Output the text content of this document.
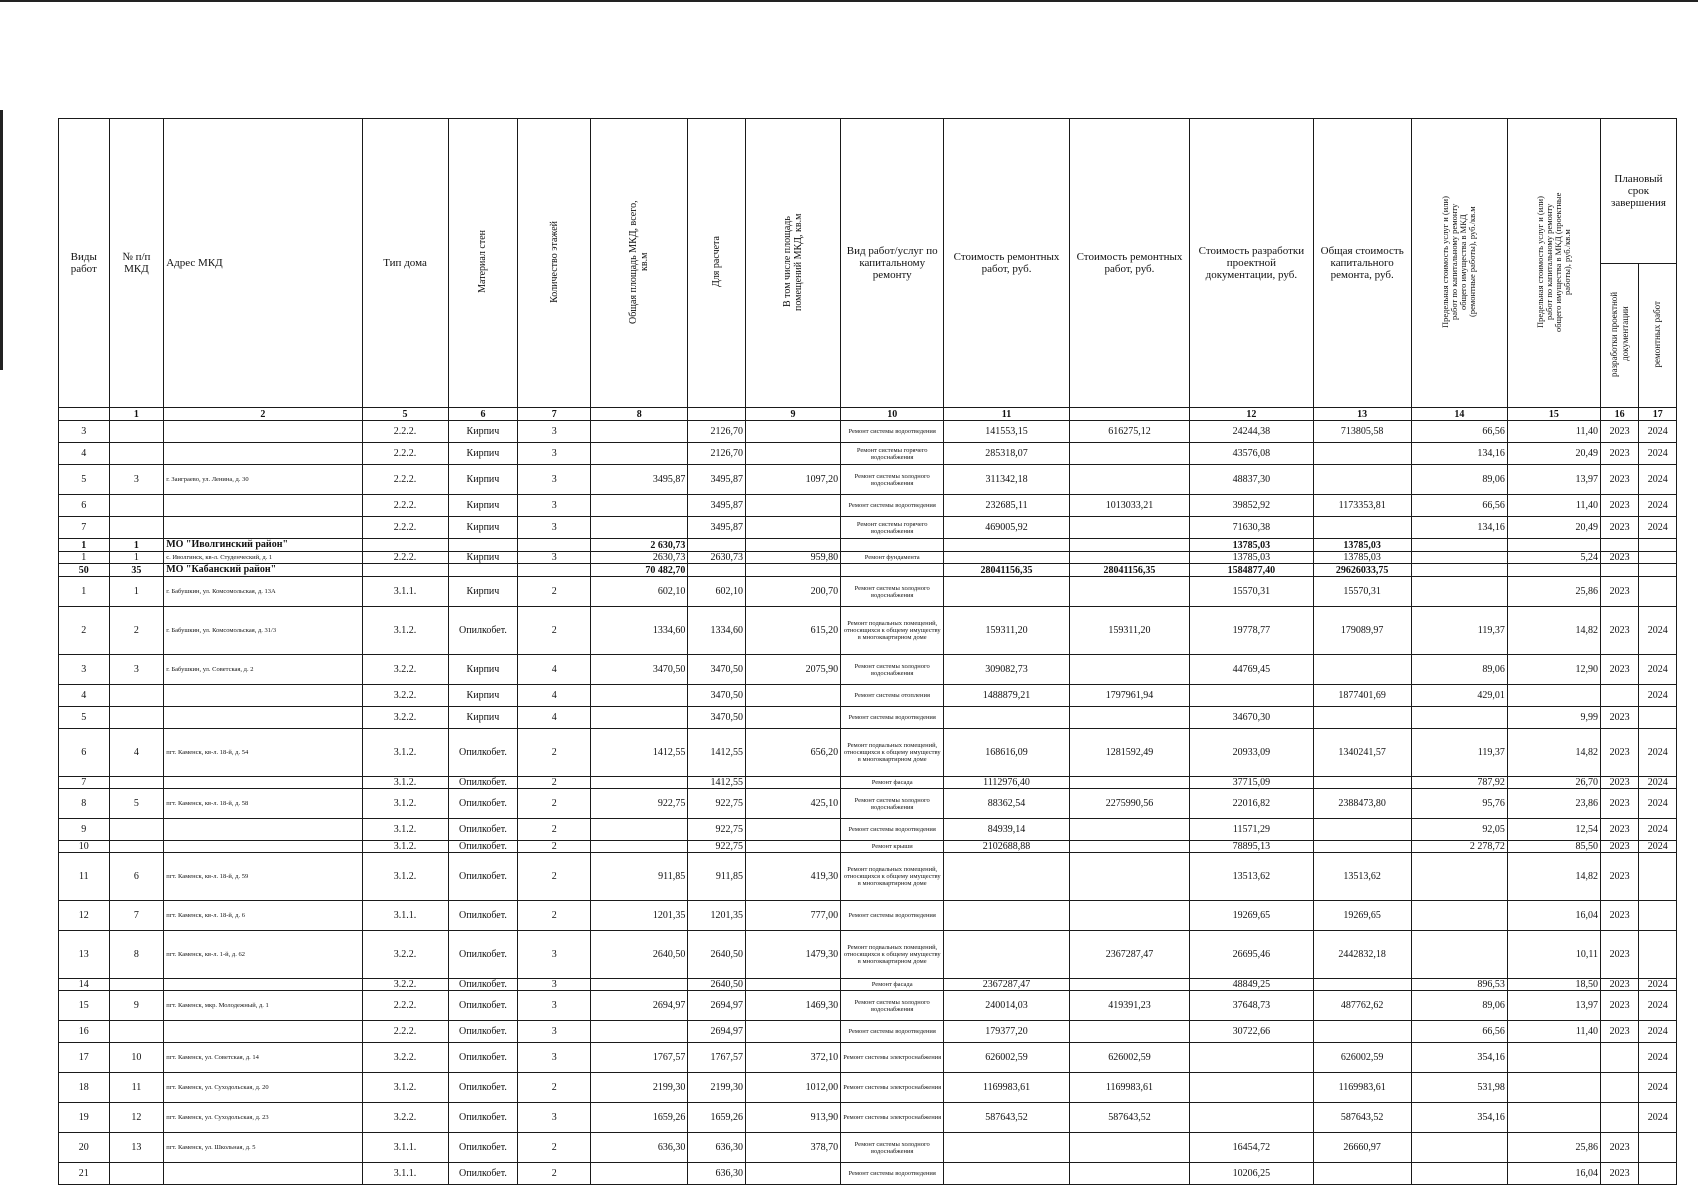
Виды работ	№ п/п МКД	Адрес МКД	Тип дома	Материал стен	Количество этажей	Общая площадь МКД, всего, кв.м	Для расчета	В том числе площадь помещений МКД, кв.м	Вид работ/услуг по капитальному ремонту	Стоимость ремонтных работ, руб.	Стоимость ремонтных работ, руб.	Стоимость разработки проектной документации, руб.	Общая стоимость капитального ремонта, руб.	Предельная стоимость услуг и (или) работ по капитальному ремонту общего имущества в МКД (ремонтные работы), руб./кв.м	Предельная стоимость услуг и (или) работ по капитальному ремонту общего имущества в МКД (проектные работы), руб./кв.м	Плановый срок завершения	
																разработки проектной документации	ремонтных работ
	1	2	5	6	7	8		9	10	11		12	13	14	15	16	17
3			2.2.2.	Кирпич	3		2126,70		Ремонт системы водоотведения	141553,15	616275,12	24244,38	713805,58	66,56	11,40	2023	2024
4			2.2.2.	Кирпич	3		2126,70		Ремонт системы горячего водоснабжения	285318,07		43576,08		134,16	20,49	2023	2024
5	3	г. Заиграево, ул. Ленина, д. 30	2.2.2.	Кирпич	3	3495,87	3495,87	1097,20	Ремонт системы холодного водоснабжения	311342,18		48837,30		89,06	13,97	2023	2024
6			2.2.2.	Кирпич	3		3495,87		Ремонт системы водоотведения	232685,11	1013033,21	39852,92	1173353,81	66,56	11,40	2023	2024
7			2.2.2.	Кирпич	3		3495,87		Ремонт системы горячего водоснабжения	469005,92		71630,38		134,16	20,49	2023	2024
1	1	МО "Иволгинский район"				2 630,73						13785,03	13785,03				
1	1	с. Иволгинск, кв-л. Студенческий, д. 1	2.2.2.	Кирпич	3	2630,73	2630,73	959,80	Ремонт фундамента			13785,03	13785,03		5,24	2023	
50	35	МО "Кабанский район"				70 482,70				28041156,35	28041156,35	1584877,40	29626033,75				
1	1	г. Бабушкин, ул. Комсомольская, д. 13А	3.1.1.	Кирпич	2	602,10	602,10	200,70	Ремонт системы холодного водоснабжения			15570,31	15570,31		25,86	2023	
2	2	г. Бабушкин, ул. Комсомольская, д. 31/3	3.1.2.	Опилкобет.	2	1334,60	1334,60	615,20	Ремонт подвальных помещений, относящихся к общему имуществу в многоквартирном доме	159311,20	159311,20	19778,77	179089,97	119,37	14,82	2023	2024
3	3	г. Бабушкин, ул. Советская, д. 2	3.2.2.	Кирпич	4	3470,50	3470,50	2075,90	Ремонт системы холодного водоснабжения	309082,73		44769,45		89,06	12,90	2023	2024
4			3.2.2.	Кирпич	4		3470,50		Ремонт системы отопления	1488879,21	1797961,94		1877401,69	429,01			2024
5			3.2.2.	Кирпич	4		3470,50		Ремонт системы водоотведения			34670,30			9,99	2023	
6	4	пгт. Каменск, кв-л. 18-й, д. 54	3.1.2.	Опилкобет.	2	1412,55	1412,55	656,20	Ремонт подвальных помещений, относящихся к общему имуществу в многоквартирном доме	168616,09	1281592,49	20933,09	1340241,57	119,37	14,82	2023	2024
7			3.1.2.	Опилкобет.	2		1412,55		Ремонт фасада	1112976,40		37715,09		787,92	26,70	2023	2024
8	5	пгт. Каменск, кв-л. 18-й, д. 58	3.1.2.	Опилкобет.	2	922,75	922,75	425,10	Ремонт системы холодного водоснабжения	88362,54	2275990,56	22016,82	2388473,80	95,76	23,86	2023	2024
9			3.1.2.	Опилкобет.	2		922,75		Ремонт системы водоотведения	84939,14		11571,29		92,05	12,54	2023	2024
10			3.1.2.	Опилкобет.	2		922,75		Ремонт крыши	2102688,88		78895,13		2 278,72	85,50	2023	2024
11	6	пгт. Каменск, кв-л. 18-й, д. 59	3.1.2.	Опилкобет.	2	911,85	911,85	419,30	Ремонт подвальных помещений, относящихся к общему имуществу в многоквартирном доме			13513,62	13513,62		14,82	2023	
12	7	пгт. Каменск, кв-л. 18-й, д. 6	3.1.1.	Опилкобет.	2	1201,35	1201,35	777,00	Ремонт системы водоотведения			19269,65	19269,65		16,04	2023	
13	8	пгт. Каменск, кв-л. 1-й, д. 62	3.2.2.	Опилкобет.	3	2640,50	2640,50	1479,30	Ремонт подвальных помещений, относящихся к общему имуществу в многоквартирном доме		2367287,47	26695,46	2442832,18		10,11	2023	
14			3.2.2.	Опилкобет.	3		2640,50		Ремонт фасада	2367287,47		48849,25		896,53	18,50	2023	2024
15	9	пгт. Каменск, мкр. Молодежный, д. 1	2.2.2.	Опилкобет.	3	2694,97	2694,97	1469,30	Ремонт системы холодного водоснабжения	240014,03	419391,23	37648,73	487762,62	89,06	13,97	2023	2024
16			2.2.2.	Опилкобет.	3		2694,97		Ремонт системы водоотведения	179377,20		30722,66		66,56	11,40	2023	2024
17	10	пгт. Каменск, ул. Советская, д. 14	3.2.2.	Опилкобет.	3	1767,57	1767,57	372,10	Ремонт системы электроснабжения	626002,59	626002,59		626002,59	354,16			2024
18	11	пгт. Каменск, ул. Суходольская, д. 20	3.1.2.	Опилкобет.	2	2199,30	2199,30	1012,00	Ремонт системы электроснабжения	1169983,61	1169983,61		1169983,61	531,98			2024
19	12	пгт. Каменск, ул. Суходольская, д. 23	3.2.2.	Опилкобет.	3	1659,26	1659,26	913,90	Ремонт системы электроснабжения	587643,52	587643,52		587643,52	354,16			2024
20	13	пгт. Каменск, ул. Школьная, д. 5	3.1.1.	Опилкобет.	2	636,30	636,30	378,70	Ремонт системы холодного водоснабжения			16454,72	26660,97		25,86	2023	
21			3.1.1.	Опилкобет.	2		636,30		Ремонт системы водоотведения			10206,25			16,04	2023	
